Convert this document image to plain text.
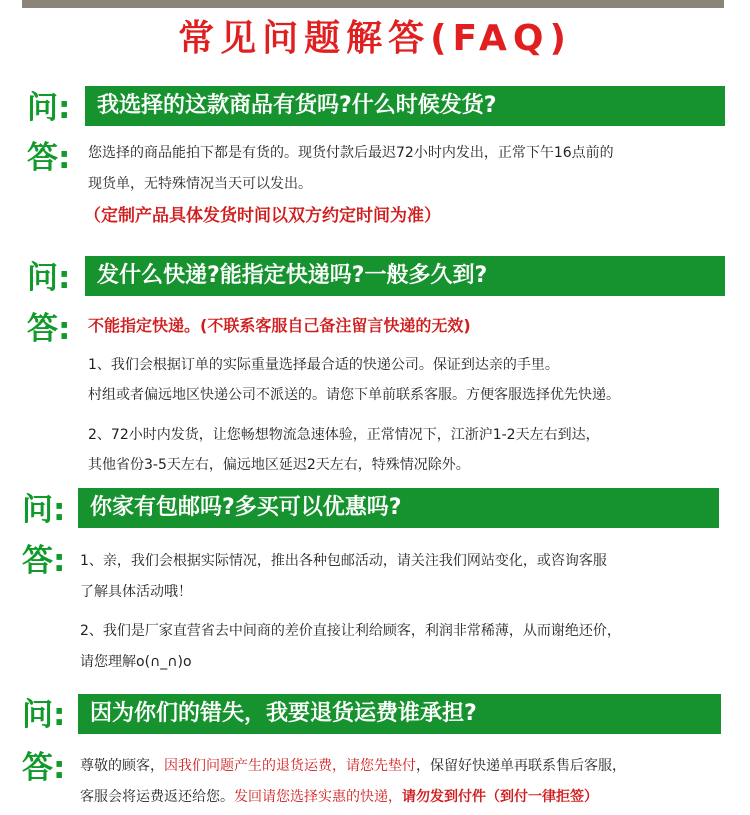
常见问题解答(FAQ)
问:	我选择的这款商品有货吗?什么时候发货?
答: 您选择的商品能拍下都是有货的。现货付款后最迟72小时内发出，正常下午16点前的
现货单，无特殊情况当天可以发出。
（定制产品具体发货时间以双方约定时间为准）
问:	发什么快递?能指定快递吗?一般多久到?
答: 不能指定快递。(不联系客服自己备注留言快递的无效)
1、我们会根据订单的实际重量选择最合适的快递公司。保证到达亲的手里。
村组或者偏远地区快递公司不派送的。请您下单前联系客服。方便客服选择优先快递。
2、72小时内发货，让您畅想物流急速体验，正常情况下，江浙沪1-2天左右到达，
其他省份3-5天左右，偏远地区延迟2天左右，特殊情况除外。
问:	你家有包邮吗?多买可以优惠吗?
答: 1、亲，我们会根据实际情况，推出各种包邮活动，请关注我们网站变化，或咨询客服
了解具体活动哦！
2、我们是厂家直营省去中间商的差价直接让利给顾客，利润非常稀薄，从而谢绝还价，
请您理解o(∩_∩)o
问:	因为你们的错失，我要退货运费谁承担?
答: 尊敬的顾客，因我们问题产生的退货运费，请您先垫付，保留好快递单再联系售后客服，
客服会将运费返还给您。发回请您选择实惠的快递，请勿发到付件（到付一律拒签）
